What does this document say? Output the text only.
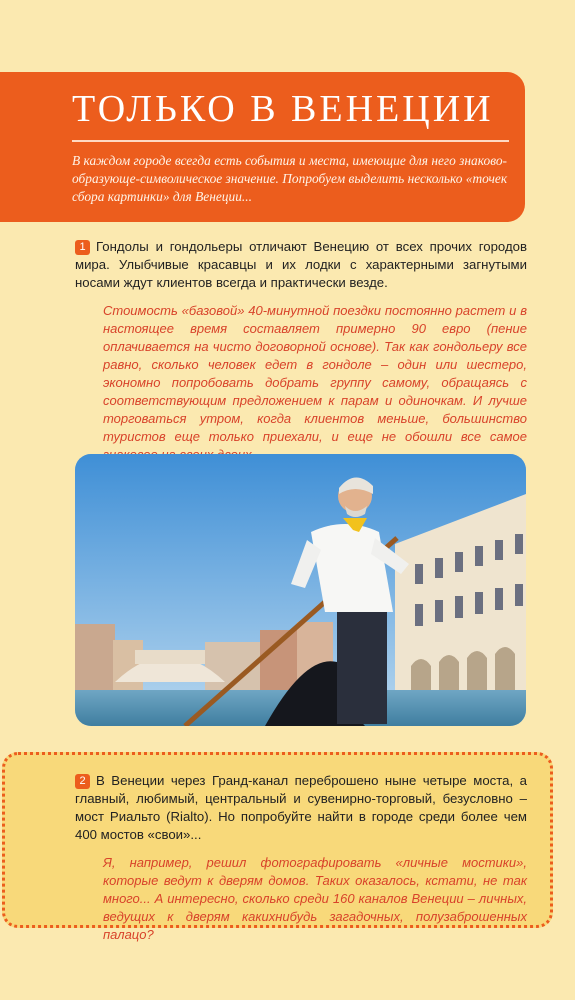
ТОЛЬКО В ВЕНЕЦИИ

В каждом городе всегда есть события и места, имеющие для него знаково-образующе-символическое значение. Попробуем выделить несколько «точек сбора картинки» для Венеции...

1 Гондолы и гондольеры отличают Венецию от всех прочих городов мира. Улыбчивые красавцы и их лодки с характерными загнутыми носами ждут клиентов всегда и практически везде.

Стоимость «базовой» 40-минутной поездки постоянно растет и в настоящее время составляет примерно 90 евро (пение оплачивается на чисто договорной основе). Так как гондольеру все равно, сколько человек едет в гондоле – один или шестеро, экономно попробовать добрать группу самому, обращаясь с соответствующим предложением к парам и одиночкам. И лучше торговаться утром, когда клиентов меньше, большинство туристов еще только приехали, и еще не обошли все самое

2 В Венеции через Гранд-канал переброшено ныне четыре моста, а главный, любимый, центральный и сувенирно-торговый, безусловно – мост Риальто (Rialto). Но попробуйте найти в городе среди более чем 400 мостов «свои»...

Я, например, решил фотографировать «личные мостики», которые ведут к дверям домов. Таких оказалось, кстати, не так много... А интересно, сколько среди 160 каналов Венеции – личных, ведущих к дверям какихнибудь загадочных, полузаброшенных палацо?
